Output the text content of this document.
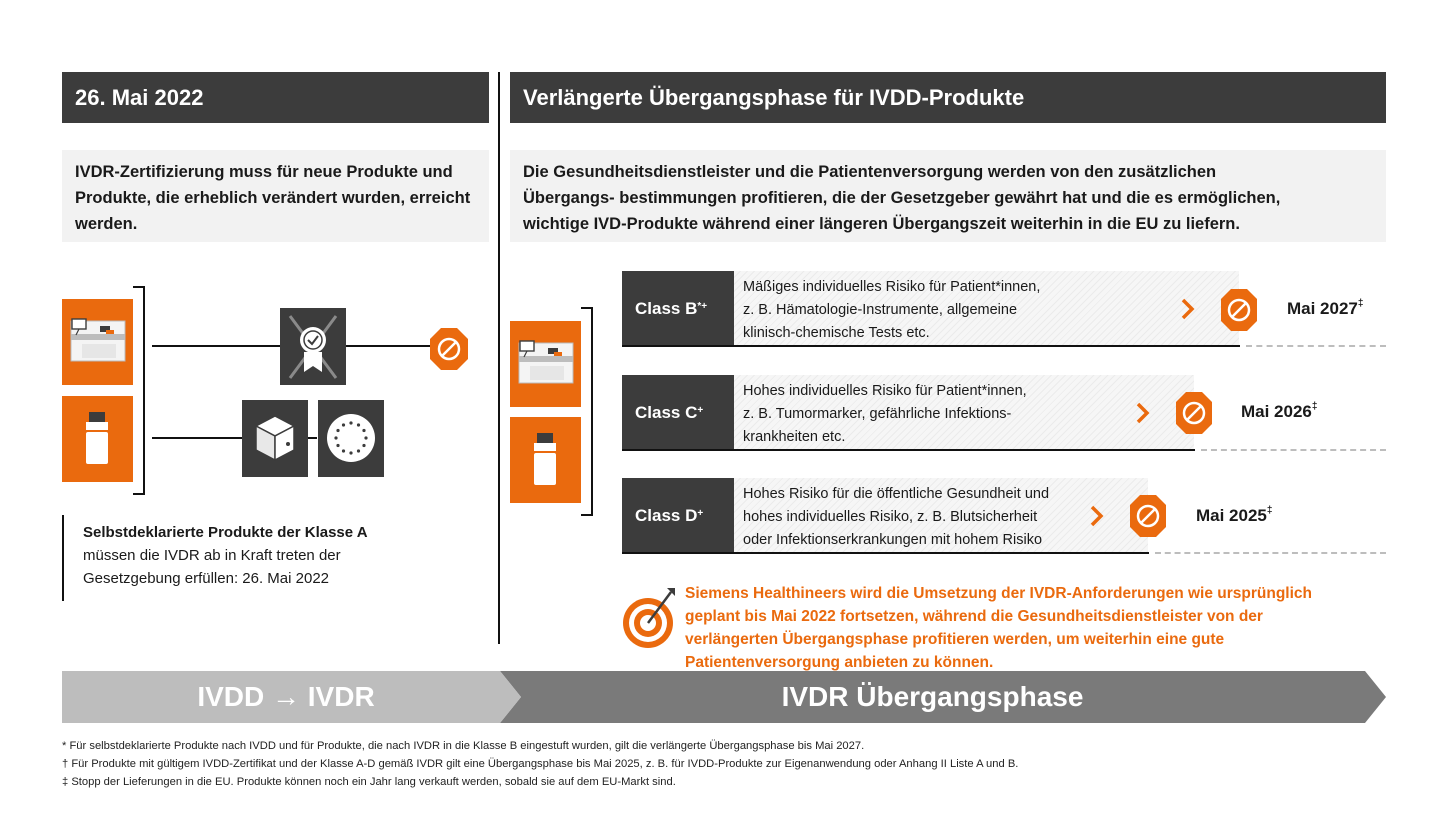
26. Mai 2022
IVDR-Zertifizierung muss für neue Produkte und Produkte, die erheblich verändert wurden, erreicht werden.
Selbstdeklarierte Produkte der Klasse A
müssen die IVDR ab in Kraft treten der Gesetzgebung erfüllen: 26. Mai 2022
Verlängerte Übergangsphase für IVDD-Produkte
Die Gesundheitsdienstleister und die Patientenversorgung werden von den zusätzlichen Übergangs- bestimmungen profitieren, die der Gesetzgeber gewährt hat und die es ermöglichen, wichtige IVD-Produkte während einer längeren Übergangszeit weiterhin in die EU zu liefern.
Class B*+
Mäßiges individuelles Risiko für Patient*innen,
z. B. Hämatologie-Instrumente, allgemeine
klinisch-chemische Tests etc.
Mai 2027‡
Class C+
Hohes individuelles Risiko für Patient*innen,
z. B. Tumormarker, gefährliche Infektions-
krankheiten etc.
Mai 2026‡
Class D+
Hohes Risiko für die öffentliche Gesundheit und
hohes individuelles Risiko, z. B. Blutsicherheit
oder Infektionserkrankungen mit hohem Risiko
Mai 2025‡
Siemens Healthineers wird die Umsetzung der IVDR-Anforderungen wie ursprünglich geplant bis Mai 2022 fortsetzen, während die Gesundheitsdienstleister von der verlängerten Übergangsphase profitieren werden, um weiterhin eine gute Patientenversorgung anbieten zu können.
IVDD → IVDR	IVDR Übergangsphase
* Für selbstdeklarierte Produkte nach IVDD und für Produkte, die nach IVDR in die Klasse B eingestuft wurden, gilt die verlängerte Übergangsphase bis Mai 2027.
† Für Produkte mit gültigem IVDD-Zertifikat und der Klasse A-D gemäß IVDR gilt eine Übergangsphase bis Mai 2025, z. B. für IVDD-Produkte zur Eigenanwendung oder Anhang II Liste A und B.
‡ Stopp der Lieferungen in die EU. Produkte können noch ein Jahr lang verkauft werden, sobald sie auf dem EU-Markt sind.
